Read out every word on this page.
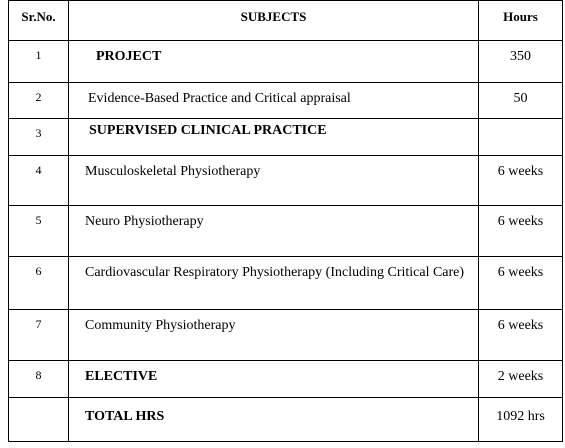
Sr.No.	SUBJECTS	Hours
1	PROJECT	350
2	Evidence-Based Practice and Critical appraisal	50
3	SUPERVISED CLINICAL PRACTICE	
4	Musculoskeletal Physiotherapy	6 weeks
5	Neuro Physiotherapy	6 weeks
6	Cardiovascular Respiratory Physiotherapy (Including Critical Care)	6 weeks
7	Community Physiotherapy	6 weeks
8	ELECTIVE	2 weeks
	TOTAL HRS	1092 hrs
